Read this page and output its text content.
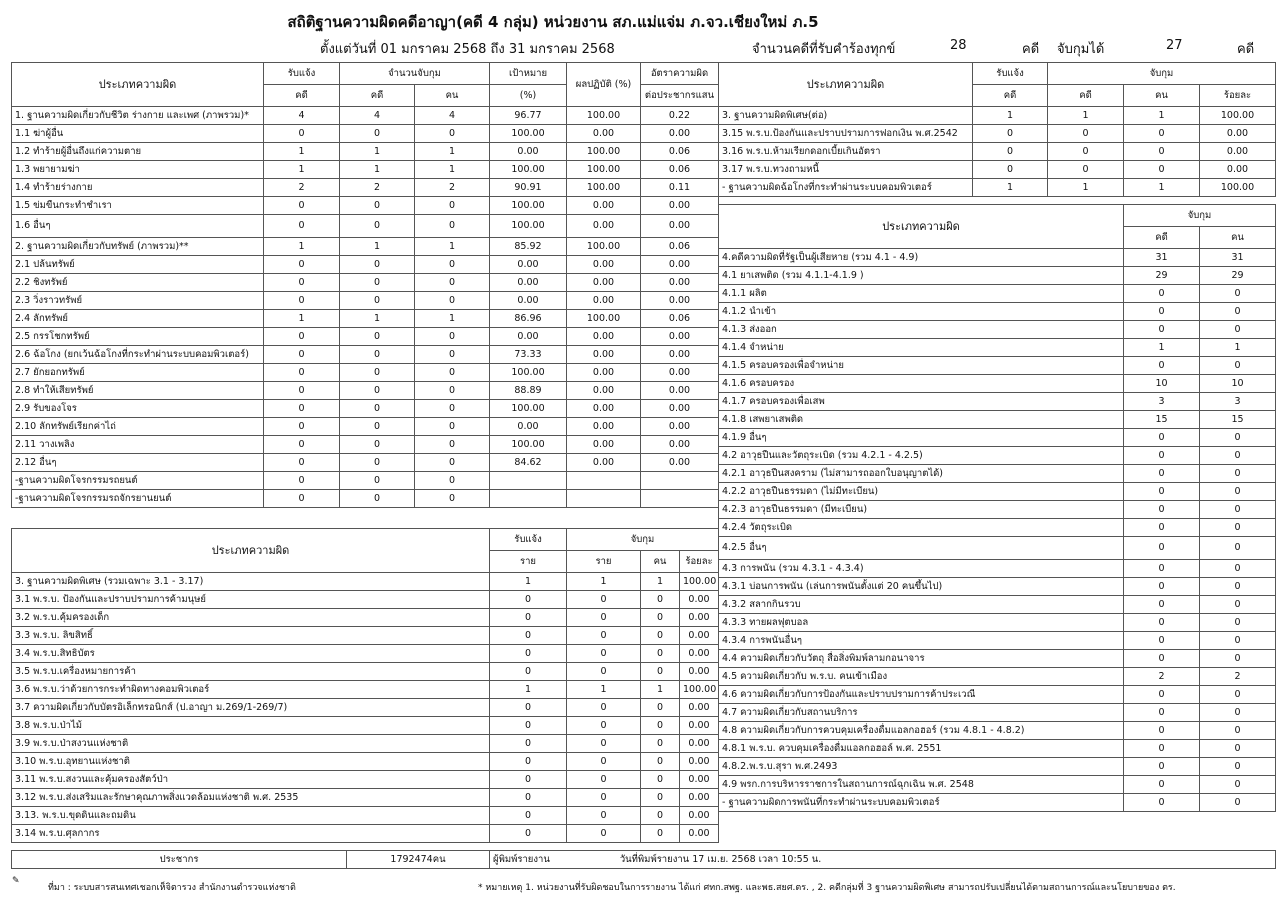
สถิติฐานความผิดคดีอาญา(คดี 4 กลุ่ม) หน่วยงาน สภ.แม่แจ่ม ภ.จว.เชียงใหม่ ภ.5
ตั้งแต่วันที่ 01 มกราคม 2568 ถึง 31 มกราคม 2568	จำนวนคดีที่รับคำร้องทุกข์	28	คดี จับกุมได้	27	คดี
ประเภทความผิด	รับแจ้ง	จำนวนจับกุม		เป้าหมาย	ผลปฏิบัติ (%)	อัตราความผิด
	คดี	คดี	คน	(%)		ต่อประชากรแสน
1. ฐานความผิดเกี่ยวกับชีวิต ร่างกาย และเพศ (ภาพรวม)*	4	4	4	96.77	100.00	0.22
1.1 ฆ่าผู้อื่น	0	0	0	100.00	0.00	0.00
1.2 ทำร้ายผู้อื่นถึงแก่ความตาย	1	1	1	0.00	100.00	0.06
1.3 พยายามฆ่า	1	1	1	100.00	100.00	0.06
1.4 ทำร้ายร่างกาย	2	2	2	90.91	100.00	0.11
1.5 ข่มขืนกระทำชำเรา	0	0	0	100.00	0.00	0.00
1.6 อื่นๆ	0	0	0	100.00	0.00	0.00
2. ฐานความผิดเกี่ยวกับทรัพย์ (ภาพรวม)**	1	1	1	85.92	100.00	0.06
2.1 ปล้นทรัพย์	0	0	0	0.00	0.00	0.00
2.2 ชิงทรัพย์	0	0	0	0.00	0.00	0.00
2.3 วิ่งราวทรัพย์	0	0	0	0.00	0.00	0.00
2.4 ลักทรัพย์	1	1	1	86.96	100.00	0.06
2.5 กรรโชกทรัพย์	0	0	0	0.00	0.00	0.00
2.6 ฉ้อโกง (ยกเว้นฉ้อโกงที่กระทำผ่านระบบคอมพิวเตอร์)	0	0	0	73.33	0.00	0.00
2.7 ยักยอกทรัพย์	0	0	0	100.00	0.00	0.00
2.8 ทำให้เสียทรัพย์	0	0	0	88.89	0.00	0.00
2.9 รับของโจร	0	0	0	100.00	0.00	0.00
2.10 ลักทรัพย์เรียกค่าไถ่	0	0	0	0.00	0.00	0.00
2.11 วางเพลิง	0	0	0	100.00	0.00	0.00
2.12 อื่นๆ	0	0	0	84.62	0.00	0.00
-ฐานความผิดโจรกรรมรถยนต์	0	0	0			
-ฐานความผิดโจรกรรมรถจักรยานยนต์	0	0	0			
ประเภทความผิด	รับแจ้ง	จับกุม		
	ราย	ราย	คน	ร้อยละ
3. ฐานความผิดพิเศษ (รวมเฉพาะ 3.1 - 3.17)	1	1	1	100.00
3.1 พ.ร.บ. ป้องกันและปราบปรามการค้ามนุษย์	0	0	0	0.00
3.2 พ.ร.บ.คุ้มครองเด็ก	0	0	0	0.00
3.3 พ.ร.บ. ลิขสิทธิ์	0	0	0	0.00
3.4 พ.ร.บ.สิทธิบัตร	0	0	0	0.00
3.5 พ.ร.บ.เครื่องหมายการค้า	0	0	0	0.00
3.6 พ.ร.บ.ว่าด้วยการกระทำผิดทางคอมพิวเตอร์	1	1	1	100.00
3.7 ความผิดเกี่ยวกับบัตรอิเล็กทรอนิกส์ (ป.อาญา ม.269/1-269/7)	0	0	0	0.00
3.8 พ.ร.บ.ป่าไม้	0	0	0	0.00
3.9 พ.ร.บ.ป่าสงวนแห่งชาติ	0	0	0	0.00
3.10 พ.ร.บ.อุทยานแห่งชาติ	0	0	0	0.00
3.11 พ.ร.บ.สงวนและคุ้มครองสัตว์ป่า	0	0	0	0.00
3.12 พ.ร.บ.ส่งเสริมและรักษาคุณภาพสิ่งแวดล้อมแห่งชาติ พ.ศ. 2535	0	0	0	0.00
3.13. พ.ร.บ.ขุดดินและถมดิน	0	0	0	0.00
3.14 พ.ร.บ.ศุลกากร	0	0	0	0.00
ประเภทความผิด	รับแจ้ง	จับกุม		
	คดี	คดี	คน	ร้อยละ
3. ฐานความผิดพิเศษ(ต่อ)	1	1	1	100.00
3.15 พ.ร.บ.ป้องกันและปราบปรามการฟอกเงิน พ.ศ.2542	0	0	0	0.00
3.16 พ.ร.บ.ห้ามเรียกดอกเบี้ยเกินอัตรา	0	0	0	0.00
3.17 พ.ร.บ.ทวงถามหนี้	0	0	0	0.00
- ฐานความผิดฉ้อโกงที่กระทำผ่านระบบคอมพิวเตอร์	1	1	1	100.00
ประเภทความผิด	จับกุม	
	คดี	คน
4.คดีความผิดที่รัฐเป็นผู้เสียหาย (รวม 4.1 - 4.9)	31	31
4.1 ยาเสพติด (รวม 4.1.1-4.1.9 )	29	29
4.1.1 ผลิต	0	0
4.1.2 นำเข้า	0	0
4.1.3 ส่งออก	0	0
4.1.4 จำหน่าย	1	1
4.1.5 ครอบครองเพื่อจำหน่าย	0	0
4.1.6 ครอบครอง	10	10
4.1.7 ครอบครองเพื่อเสพ	3	3
4.1.8 เสพยาเสพติด	15	15
4.1.9 อื่นๆ	0	0
4.2 อาวุธปืนและวัตถุระเบิด (รวม 4.2.1 - 4.2.5)	0	0
4.2.1 อาวุธปืนสงคราม (ไม่สามารถออกใบอนุญาตได้)	0	0
4.2.2 อาวุธปืนธรรมดา (ไม่มีทะเบียน)	0	0
4.2.3 อาวุธปืนธรรมดา (มีทะเบียน)	0	0
4.2.4 วัตถุระเบิด	0	0
4.2.5 อื่นๆ	0	0
4.3 การพนัน (รวม 4.3.1 - 4.3.4)	0	0
4.3.1 บ่อนการพนัน (เล่นการพนันตั้งแต่ 20 คนขึ้นไป)	0	0
4.3.2 สลากกินรวบ	0	0
4.3.3 ทายผลฟุตบอล	0	0
4.3.4 การพนันอื่นๆ	0	0
4.4 ความผิดเกี่ยวกับวัตถุ สื่อสิ่งพิมพ์ลามกอนาจาร	0	0
4.5 ความผิดเกี่ยวกับ พ.ร.บ. คนเข้าเมือง	2	2
4.6 ความผิดเกี่ยวกับการป้องกันและปราบปรามการค้าประเวณี	0	0
4.7 ความผิดเกี่ยวกับสถานบริการ	0	0
4.8 ความผิดเกี่ยวกับการควบคุมเครื่องดื่มแอลกอฮอร์ (รวม 4.8.1 - 4.8.2)	0	0
4.8.1 พ.ร.บ. ควบคุมเครื่องดื่มแอลกอฮอล์ พ.ศ. 2551	0	0
4.8.2.พ.ร.บ.สุรา พ.ศ.2493	0	0
4.9 พรก.การบริหารราชการในสถานการณ์ฉุกเฉิน พ.ศ. 2548	0	0
- ฐานความผิดการพนันที่กระทำผ่านระบบคอมพิวเตอร์	0	0
ประชากร	1792474คน	ผู้พิมพ์รายงาน	วันที่พิมพ์รายงาน 17 เม.ย. 2568 เวลา 10:55 น.
✎
ที่มา : ระบบสารสนเทศเชอกเห็จิตารวง สำนักงานตำรวจแห่งชาติ	* หมายเหตุ 1. หน่วยงานที่รับผิดชอบในการรายงาน ได้แก่ ศทก.สพฐ. และพธ.สยศ.ตร. , 2. คดีกลุ่มที่ 3 ฐานความผิดพิเศษ สามารถปรับเปลี่ยนได้ตามสถานการณ์และนโยบายของ ตร.
